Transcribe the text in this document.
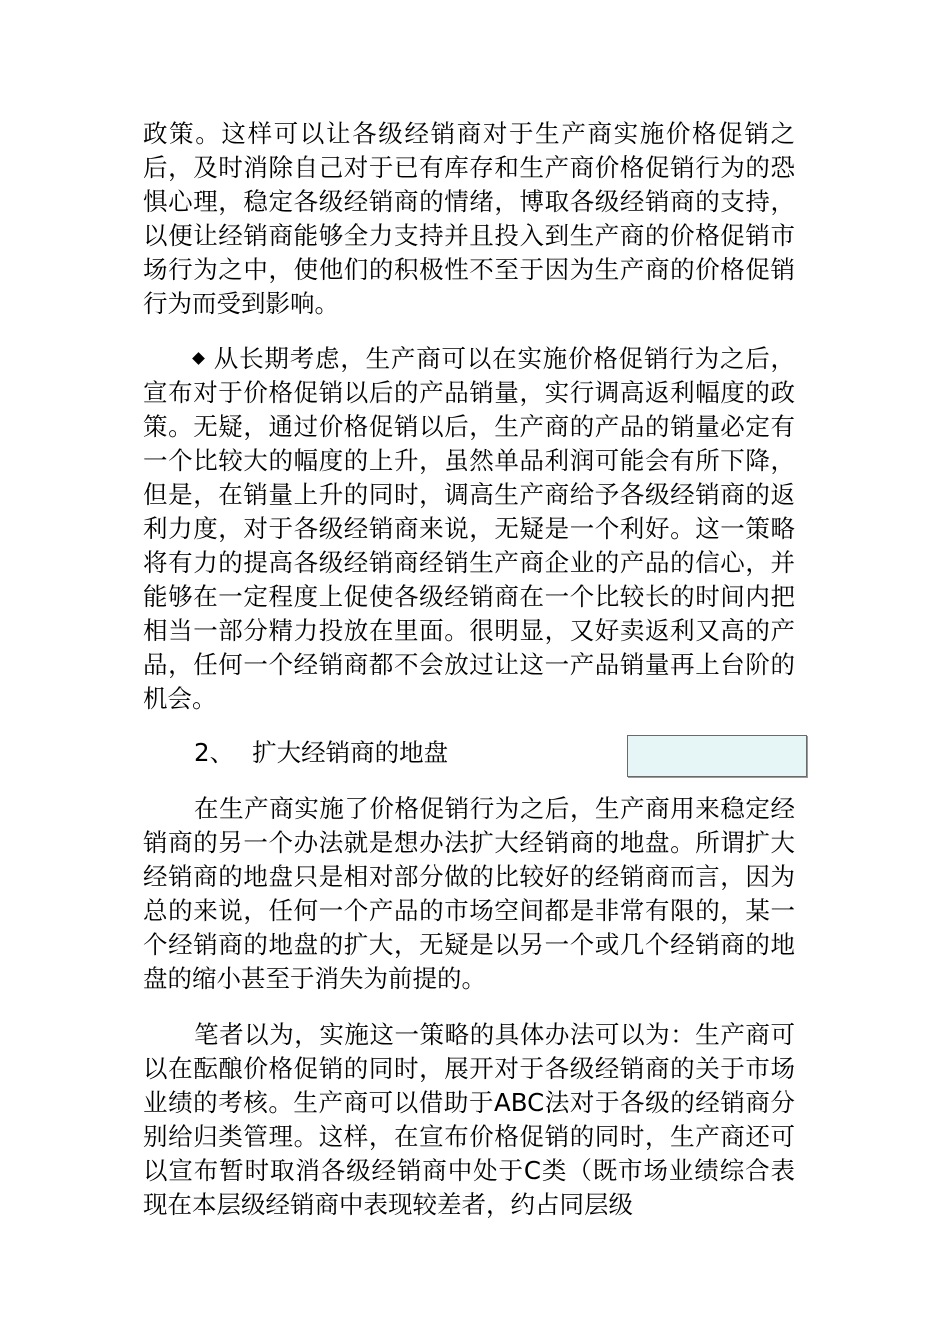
政策。这样可以让各级经销商对于生产商实施价格促销之后，及时消除自己对于已有库存和生产商价格促销行为的恐惧心理，稳定各级经销商的情绪，博取各级经销商的支持，以便让经销商能够全力支持并且投入到生产商的价格促销市场行为之中，使他们的积极性不至于因为生产商的价格促销行为而受到影响。

从长期考虑，生产商可以在实施价格促销行为之后，宣布对于价格促销以后的产品销量，实行调高返利幅度的政策。无疑，通过价格促销以后，生产商的产品的销量必定有一个比较大的幅度的上升，虽然单品利润可能会有所下降，但是，在销量上升的同时，调高生产商给予各级经销商的返利力度，对于各级经销商来说，无疑是一个利好。这一策略将有力的提高各级经销商经销生产商企业的产品的信心，并能够在一定程度上促使各级经销商在一个比较长的时间内把相当一部分精力投放在里面。很明显，又好卖返利又高的产品，任何一个经销商都不会放过让这一产品销量再上台阶的机会。

2、 扩大经销商的地盘

在生产商实施了价格促销行为之后，生产商用来稳定经销商的另一个办法就是想办法扩大经销商的地盘。所谓扩大经销商的地盘只是相对部分做的比较好的经销商而言，因为总的来说，任何一个产品的市场空间都是非常有限的，某一个经销商的地盘的扩大，无疑是以另一个或几个经销商的地盘的缩小甚至于消失为前提的。

笔者以为，实施这一策略的具体办法可以为：生产商可以在酝酿价格促销的同时，展开对于各级经销商的关于市场业绩的考核。生产商可以借助于ABC法对于各级的经销商分别给归类管理。这样，在宣布价格促销的同时，生产商还可以宣布暂时取消各级经销商中处于C类（既市场业绩综合表现在本层级经销商中表现较差者，约占同层级
